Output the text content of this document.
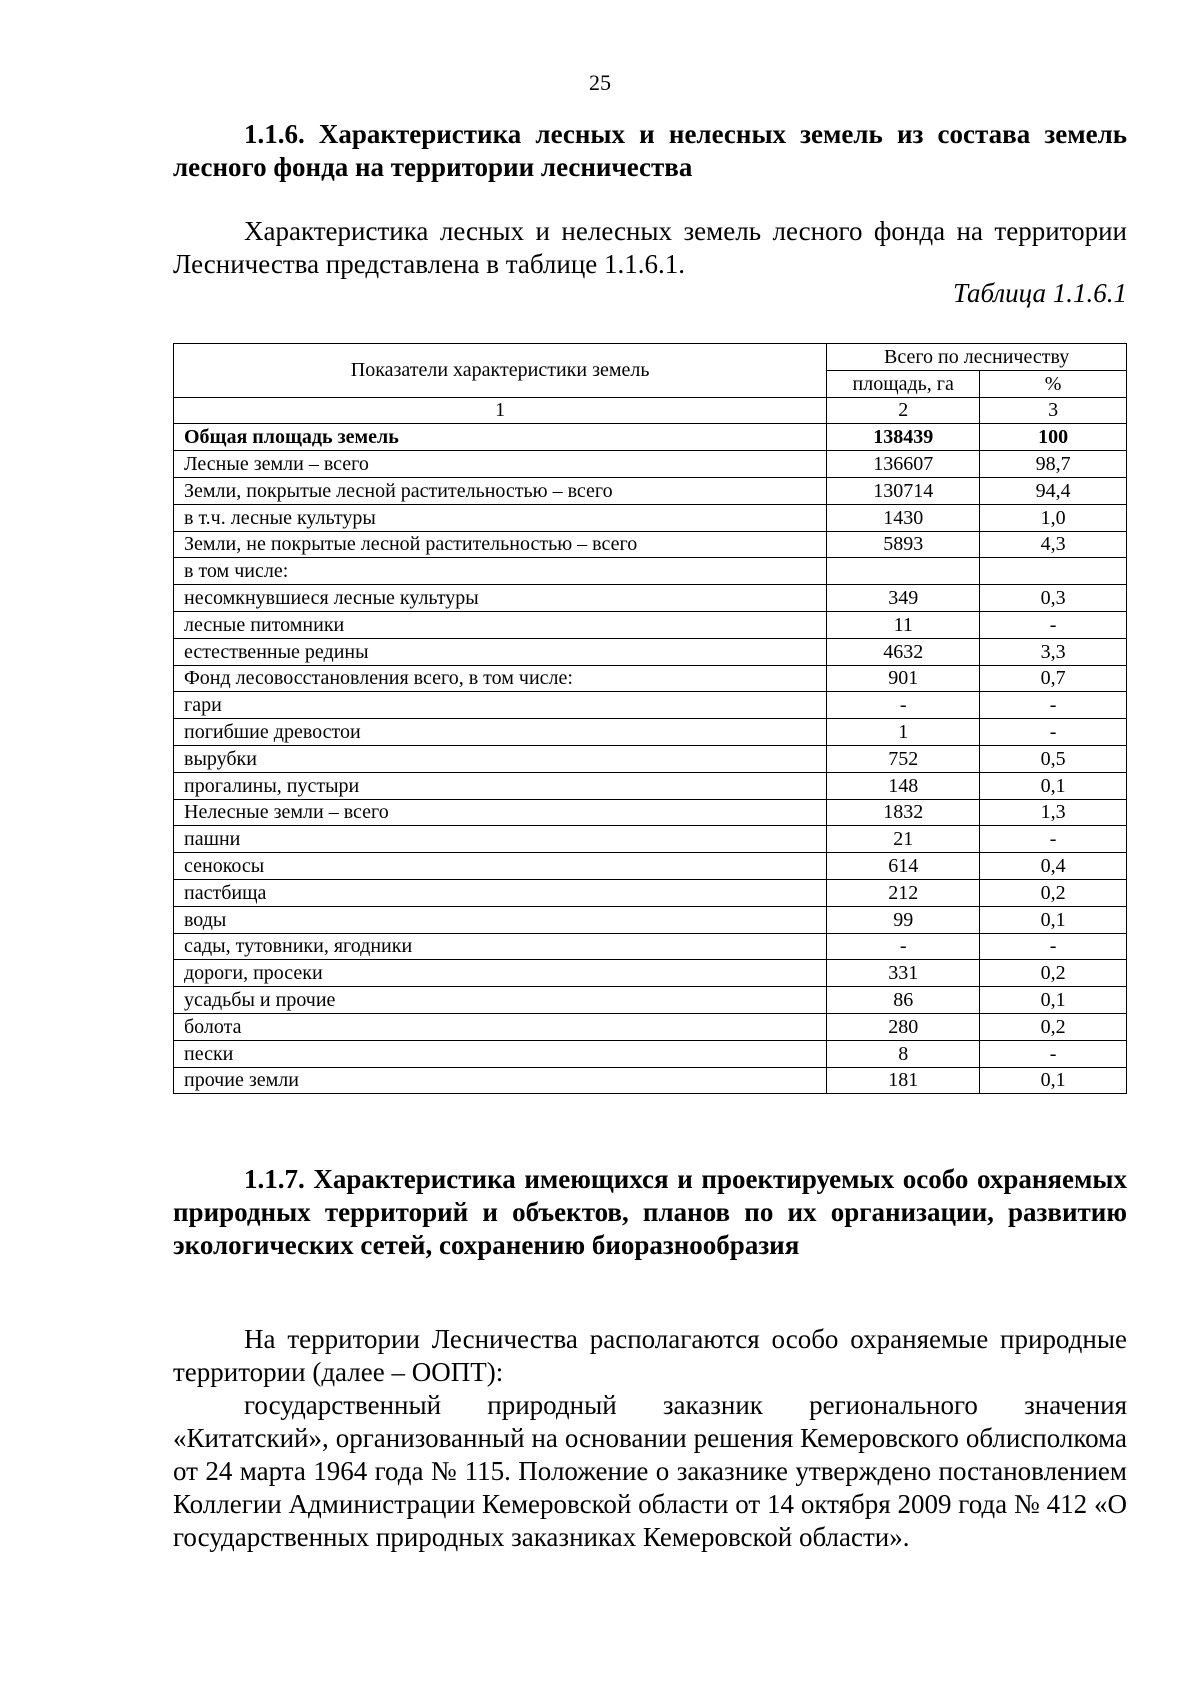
25

1.1.6. Характеристика лесных и нелесных земель из состава земель лесного фонда на территории лесничества

Характеристика лесных и нелесных земель лесного фонда на территории Лесничества представлена в таблице 1.1.6.1.

Таблица 1.1.6.1
Показатели характеристики земель	Всего по лесничеству	
	площадь, га	%
1	2	3
Общая площадь земель	138439	100
Лесные земли – всего	136607	98,7
Земли, покрытые лесной растительностью – всего	130714	94,4
в т.ч. лесные культуры	1430	1,0
Земли, не покрытые лесной растительностью – всего	5893	4,3
в том числе:		
несомкнувшиеся лесные культуры	349	0,3
лесные питомники	11	-
естественные редины	4632	3,3
Фонд лесовосстановления всего, в том числе:	901	0,7
гари	-	-
погибшие древостои	1	-
вырубки	752	0,5
прогалины, пустыри	148	0,1
Нелесные земли – всего	1832	1,3
пашни	21	-
сенокосы	614	0,4
пастбища	212	0,2
воды	99	0,1
сады, тутовники, ягодники	-	-
дороги, просеки	331	0,2
усадьбы и прочие	86	0,1
болота	280	0,2
пески	8	-
прочие земли	181	0,1

1.1.7. Характеристика имеющихся и проектируемых особо охраняемых природных территорий и объектов, планов по их организации, развитию экологических сетей, сохранению биоразнообразия

На территории Лесничества располагаются особо охраняемые природные территории (далее – ООПТ):

государственный природный заказник регионального значения «Китатский», организованный на основании решения Кемеровского облисполкома от 24 марта 1964 года № 115. Положение о заказнике утверждено постановлением Коллегии Администрации Кемеровской области от 14 октября 2009 года № 412 «О государственных природных заказниках Кемеровской области».
